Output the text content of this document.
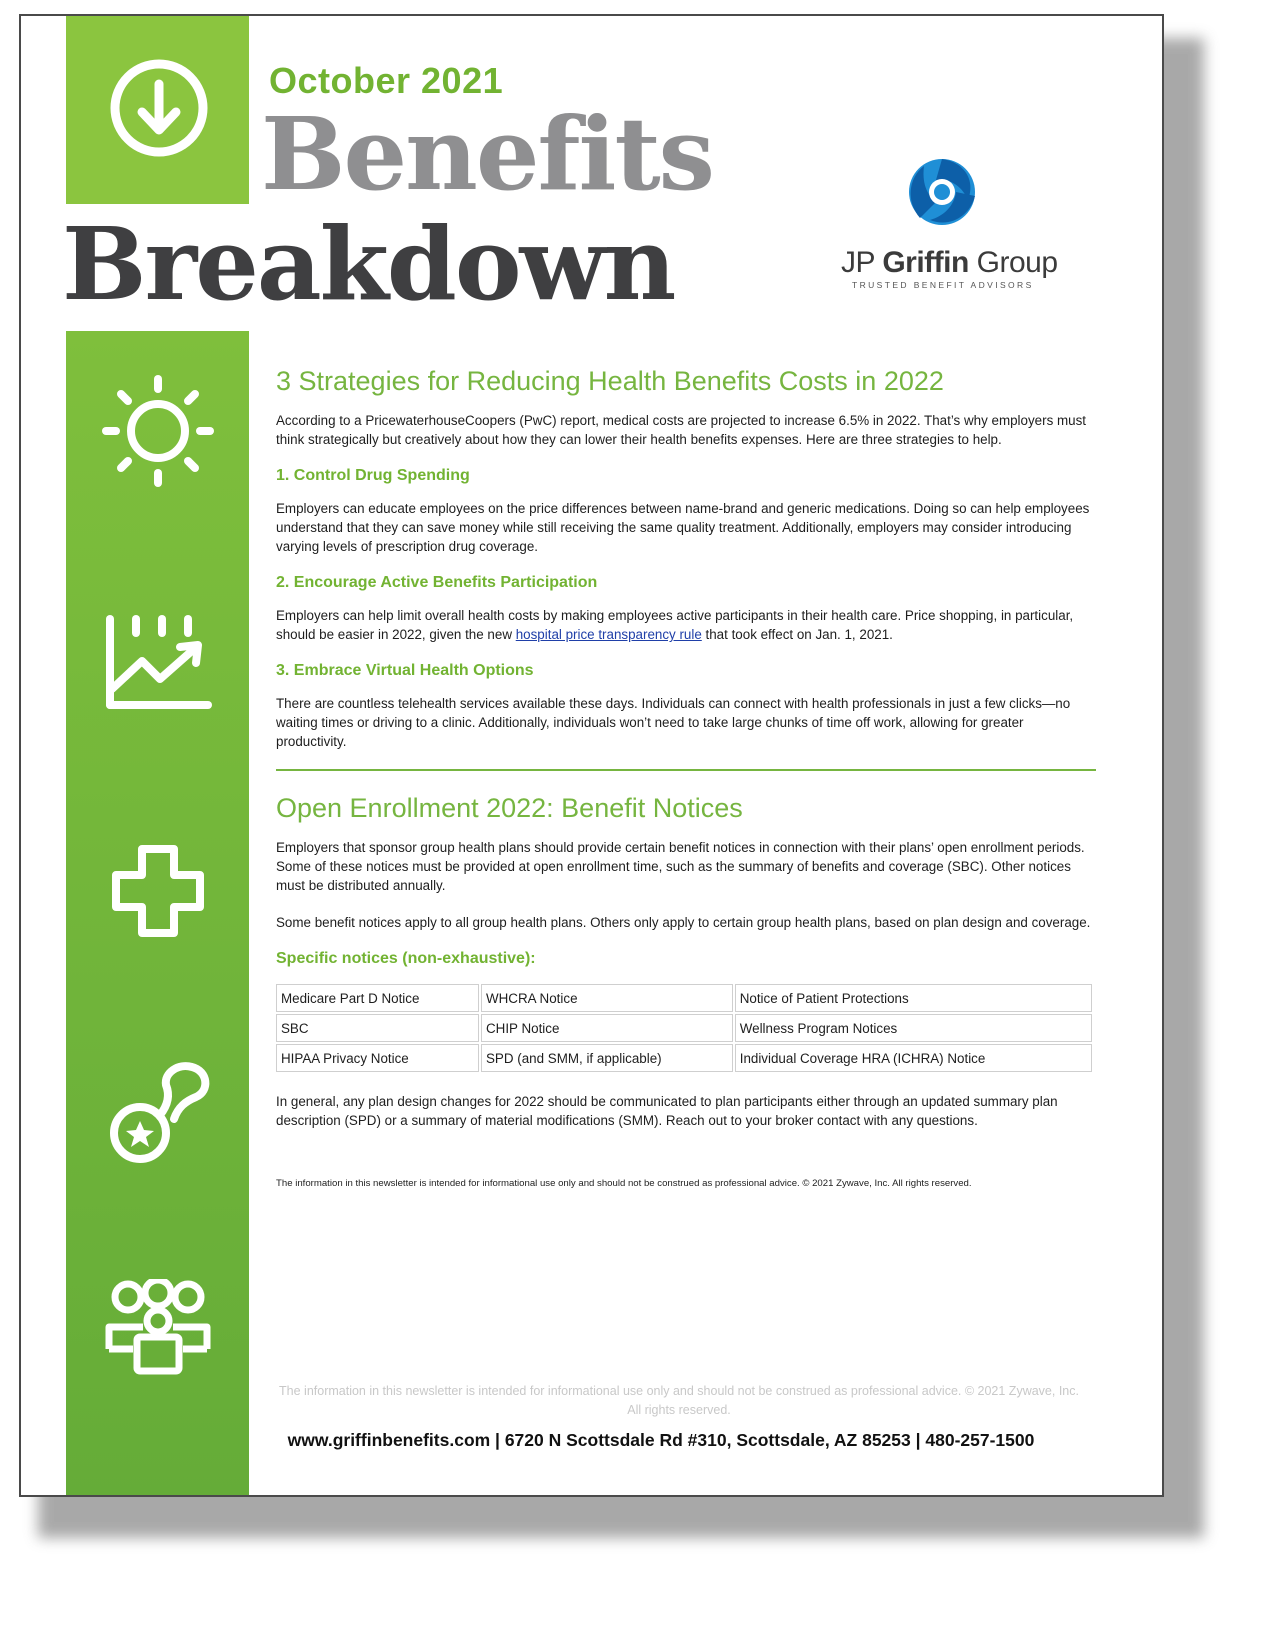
October 2021
Benefits
Breakdown	JP Griffin Group
TRUSTED BENEFIT ADVISORS
3 Strategies for Reducing Health Benefits Costs in 2022

According to a PricewaterhouseCoopers (PwC) report, medical costs are projected to increase 6.5% in 2022. That’s why employers must think strategically but creatively about how they can lower their health benefits expenses. Here are three strategies to help.

1. Control Drug Spending

Employers can educate employees on the price differences between name-brand and generic medications. Doing so can help employees understand that they can save money while still receiving the same quality treatment. Additionally, employers may consider introducing varying levels of prescription drug coverage.

2. Encourage Active Benefits Participation

Employers can help limit overall health costs by making employees active participants in their health care. Price shopping, in particular, should be easier in 2022, given the new hospital price transparency rule that took effect on Jan. 1, 2021.

3. Embrace Virtual Health Options

There are countless telehealth services available these days. Individuals can connect with health professionals in just a few clicks—no waiting times or driving to a clinic. Additionally, individuals won’t need to take large chunks of time off work, allowing for greater productivity.

Open Enrollment 2022: Benefit Notices

Employers that sponsor group health plans should provide certain benefit notices in connection with their plans’ open enrollment periods. Some of these notices must be provided at open enrollment time, such as the summary of benefits and coverage (SBC). Other notices must be distributed annually.

Some benefit notices apply to all group health plans. Others only apply to certain group health plans, based on plan design and coverage.

Specific notices (non-exhaustive):
Medicare Part D Notice	WHCRA Notice	Notice of Patient Protections
SBC	CHIP Notice	Wellness Program Notices
HIPAA Privacy Notice	SPD (and SMM, if applicable)	Individual Coverage HRA (ICHRA) Notice

In general, any plan design changes for 2022 should be communicated to plan participants either through an updated summary plan description (SPD) or a summary of material modifications (SMM). Reach out to your broker contact with any questions.

The information in this newsletter is intended for informational use only and should not be construed as professional advice. © 2021 Zywave, Inc. All rights reserved.
The information in this newsletter is intended for informational use only and should not be construed as professional advice. © 2021 Zywave, Inc. All rights reserved.
www.griffinbenefits.com | 6720 N Scottsdale Rd #310, Scottsdale, AZ 85253 | 480-257-1500
